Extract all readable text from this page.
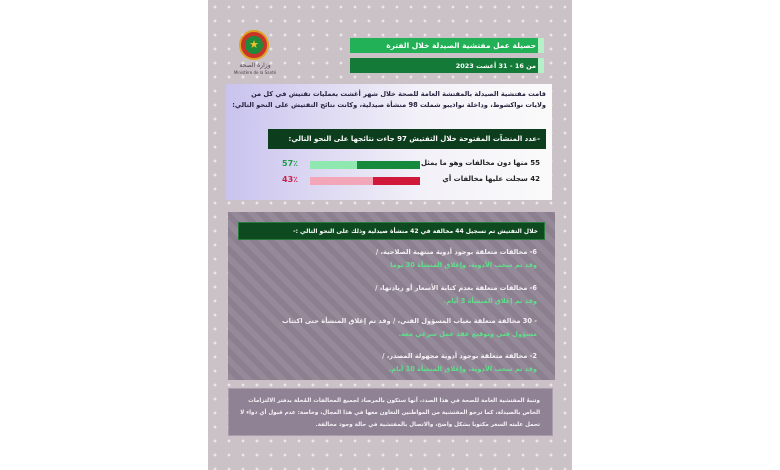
★
وزارة الصحة
Ministère de la Santé
حصيلة عمل مفتشية الصيدلة خلال الفترة
من 16 - 31 أغشت 2023
قامت مفتشية الصيدلة بالمفتشة العامة للصحة خلال شهر أغشت بعمليات تفتيش في كل من ولايات نواكشوط، وداخلة نواذيبو شملت 98 منشأة صيدلية، وكانت نتائج التفتيش على النحو التالي:
-عدد المنشآت المفتوحة خلال التفتيش 97 جاءت نتائجها على النحو التالي:
55 منها دون مخالفات وهو ما يمثل
57٪
42 سجلت عليها مخالفات أي
43٪
خلال التفتيش تم تسجيل 44 مخالفة في 42 منشأة صيدلية وذلك على النحو التالي :-
6- مخالفات متعلقة بوجود أدوية منتهية الصلاحية، /
وقد تم سحب الأدوية، وإغلاق المنشأة 30 يوما
6- مخالفات متعلقة بعدم كتابة الأسعار أو زيادتها، /
وقد تم إغلاق المنشأة 3 أيام.
- 30 مخالفة متعلقة بغياب المسؤول الفني، / وقد تم إغلاق المنشأة حتى اكتتاب
مسؤول فني وتوقيع عقد عمل شرعي معه.
2- مخالفة متعلقة بوجود أدوية مجهولة المصدر، /
وقد تم سحب الأدوية، وإغلاق المنشأة 10 أيام.
وتنبهُ المفتشية العامة للصحة في هذا الصدد، أنها ستكون بالمرصاد لجميع المخالفات المُخلة بدفتر الالتزامات الخاص بالصيدلة، كما ترجو المفتشية من المواطنين التعاون معها في هذا المجال، وخاصة: عدم قبول أي دواء لا تحمل علبته السعر مكتوبا بشكل واضح، والاتصال بالمفتشية في حالة وجود مخالفة.
